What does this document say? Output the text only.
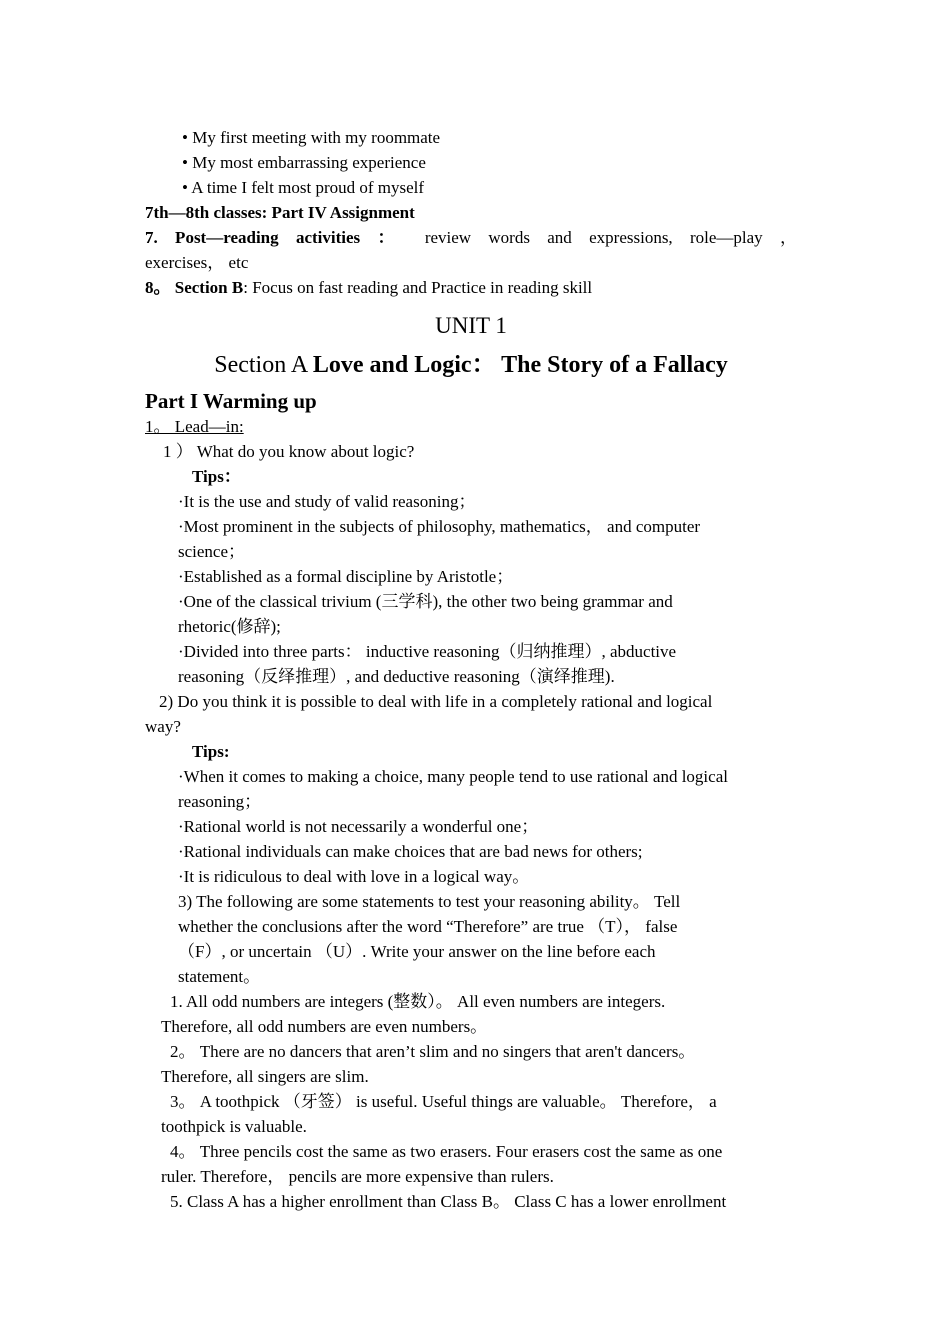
• My first meeting with my roommate
• My most embarrassing experience
• A time I felt most proud of myself
7th—8th classes: Part IV Assignment
7. Post—reading activities ： review words and expressions, role—play ，
exercises， etc
8。 Section B: Focus on fast reading and Practice in reading skill
UNIT 1
Section A Love and Logic： The Story of a Fallacy
Part I Warming up
1。 Lead—in:
1 ） What do you know about logic?
Tips：
·It is the use and study of valid reasoning；
·Most prominent in the subjects of philosophy, mathematics， and computer
science；
·Established as a formal discipline by Aristotle；
·One of the classical trivium (三学科), the other two being grammar and
rhetoric(修辞);
·Divided into three parts： inductive reasoning（归纳推理）, abductive
reasoning（反绎推理）, and deductive reasoning（演绎推理).
2) Do you think it is possible to deal with life in a completely rational and logical
way?
Tips:
·When it comes to making a choice, many people tend to use rational and logical
reasoning；
·Rational world is not necessarily a wonderful one；
·Rational individuals can make choices that are bad news for others;
·It is ridiculous to deal with love in a logical way。
3) The following are some statements to test your reasoning ability。 Tell
whether the conclusions after the word “Therefore” are true （T）， false
（F）, or uncertain （U）. Write your answer on the line before each
statement。
1. All odd numbers are integers (整数）。 All even numbers are integers.
Therefore, all odd numbers are even numbers。
2。 There are no dancers that aren’t slim and no singers that aren't dancers。
Therefore, all singers are slim.
3。 A toothpick （牙签） is useful. Useful things are valuable。 Therefore， a
toothpick is valuable.
4。 Three pencils cost the same as two erasers. Four erasers cost the same as one
ruler. Therefore， pencils are more expensive than rulers.
5. Class A has a higher enrollment than Class B。 Class C has a lower enrollment
